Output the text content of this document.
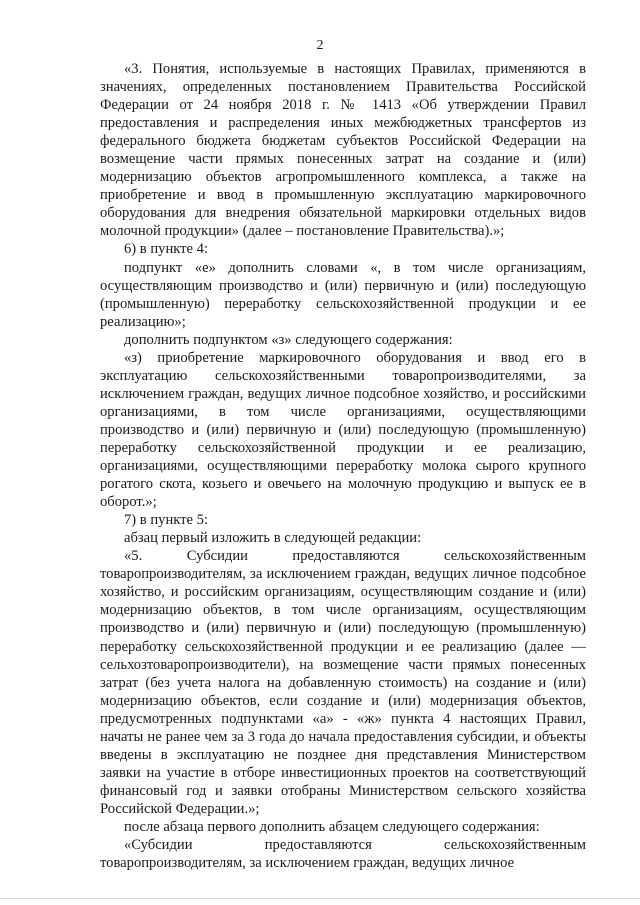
2

«3. Понятия, используемые в настоящих Правилах, применяются в значениях, определенных постановлением Правительства Российской Федерации от 24 ноября 2018 г. № 1413 «Об утверждении Правил предоставления и распределения иных межбюджетных трансфертов из федерального бюджета бюджетам субъектов Российской Федерации на возмещение части прямых понесенных затрат на создание и (или) модернизацию объектов агропромышленного комплекса, а также на приобретение и ввод в промышленную эксплуатацию маркировочного оборудования для внедрения обязательной маркировки отдельных видов молочной продукции» (далее – постановление Правительства).»;

6) в пункте 4:

подпункт «е» дополнить словами «, в том числе организациям, осуществляющим производство и (или) первичную и (или) последующую (промышленную) переработку сельскохозяйственной продукции и ее реализацию»;

дополнить подпунктом «з» следующего содержания:

«з) приобретение маркировочного оборудования и ввод его в эксплуатацию сельскохозяйственными товаропроизводителями, за исключением граждан, ведущих личное подсобное хозяйство, и российскими организациями, в том числе организациями, осуществляющими производство и (или) первичную и (или) последующую (промышленную) переработку сельскохозяйственной продукции и ее реализацию, организациями, осуществляющими переработку молока сырого крупного рогатого скота, козьего и овечьего на молочную продукцию и выпуск ее в оборот.»;

7) в пункте 5:

абзац первый изложить в следующей редакции:

«5. Субсидии предоставляются сельскохозяйственным товаропроизводителям, за исключением граждан, ведущих личное подсобное хозяйство, и российским организациям, осуществляющим создание и (или) модернизацию объектов, в том числе организациям, осуществляющим производство и (или) первичную и (или) последующую (промышленную) переработку сельскохозяйственной продукции и ее реализацию (далее — сельхозтоваропроизводители), на возмещение части прямых понесенных затрат (без учета налога на добавленную стоимость) на создание и (или) модернизацию объектов, если создание и (или) модернизация объектов, предусмотренных подпунктами «а» - «ж» пункта 4 настоящих Правил, начаты не ранее чем за 3 года до начала предоставления субсидии, и объекты введены в эксплуатацию не позднее дня представления Министерством заявки на участие в отборе инвестиционных проектов на соответствующий финансовый год и заявки отобраны Министерством сельского хозяйства Российской Федерации.»;

после абзаца первого дополнить абзацем следующего содержания:

«Субсидии предоставляются сельскохозяйственным товаропроизводителям, за исключением граждан, ведущих личное
